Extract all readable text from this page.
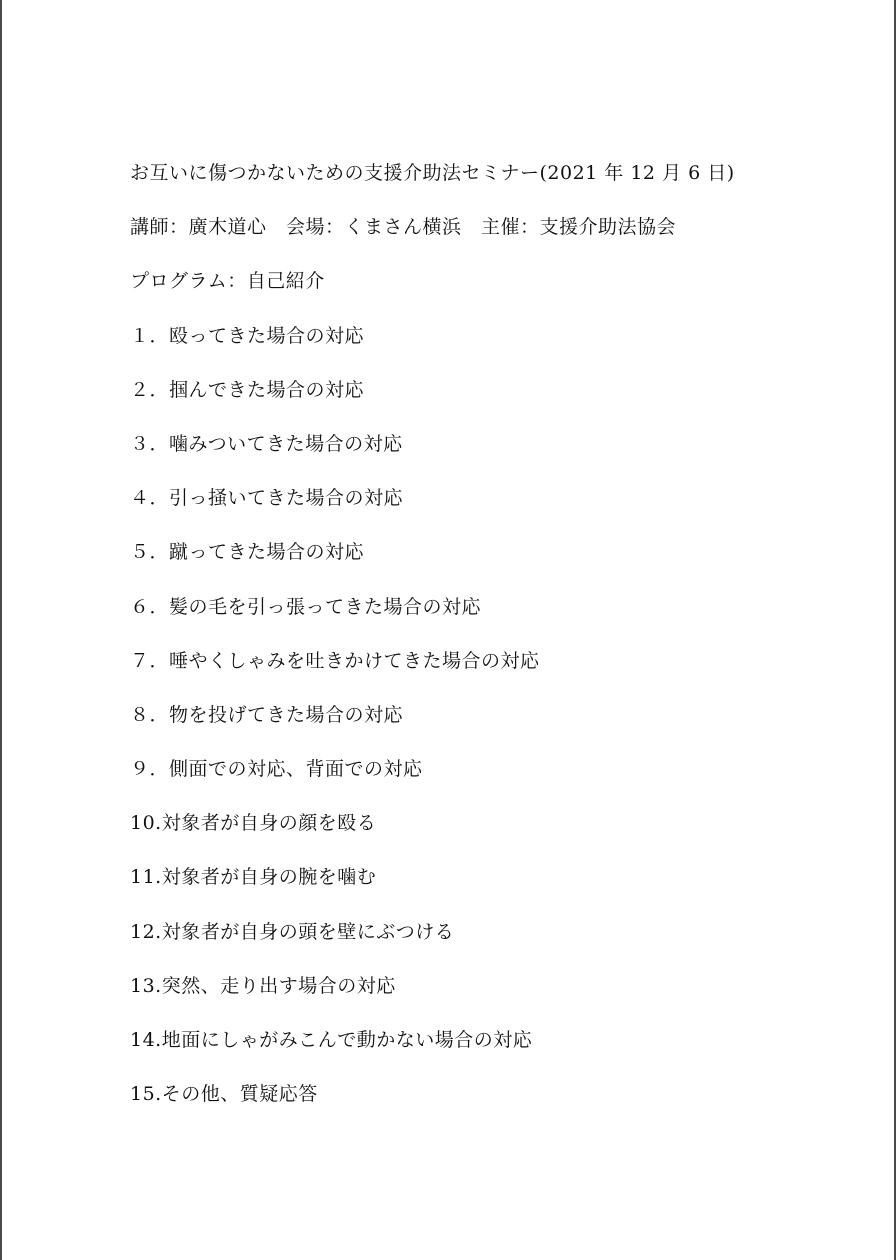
お互いに傷つかないための支援介助法セミナー(2021 年 12 月 6 日)
講師：廣木道心　会場：くまさん横浜　主催：支援介助法協会
プログラム：自己紹介
１．殴ってきた場合の対応
２．掴んできた場合の対応
３．噛みついてきた場合の対応
４．引っ掻いてきた場合の対応
５．蹴ってきた場合の対応
６．髪の毛を引っ張ってきた場合の対応
７．唾やくしゃみを吐きかけてきた場合の対応
８．物を投げてきた場合の対応
９．側面での対応、背面での対応
10.対象者が自身の顔を殴る
11.対象者が自身の腕を噛む
12.対象者が自身の頭を壁にぶつける
13.突然、走り出す場合の対応
14.地面にしゃがみこんで動かない場合の対応
15.その他、質疑応答
